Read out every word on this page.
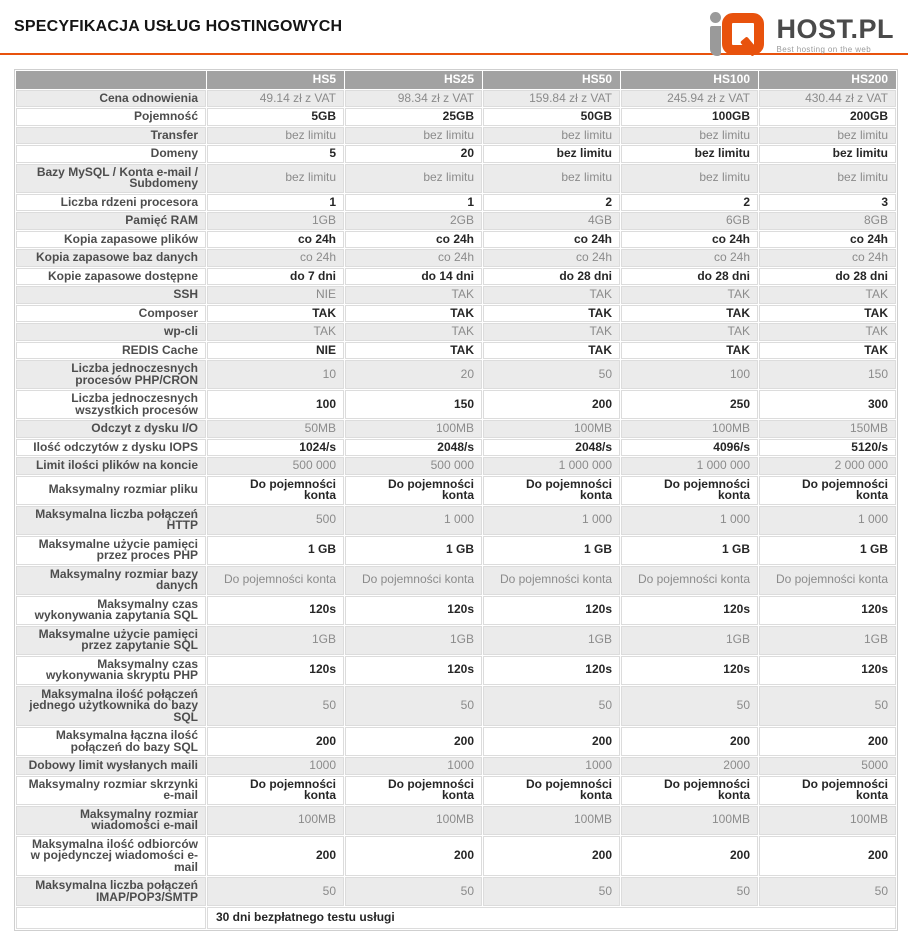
SPECYFIKACJA USŁUG HOSTINGOWYCH	HOST.PL
Best hosting on the web
	HS5	HS25	HS50	HS100	HS200
Cena odnowienia	49.14 zł z VAT	98.34 zł z VAT	159.84 zł z VAT	245.94 zł z VAT	430.44 zł z VAT
Pojemność	5GB	25GB	50GB	100GB	200GB
Transfer	bez limitu	bez limitu	bez limitu	bez limitu	bez limitu
Domeny	5	20	bez limitu	bez limitu	bez limitu
Bazy MySQL / Konta e-mail / Subdomeny	bez limitu	bez limitu	bez limitu	bez limitu	bez limitu
Liczba rdzeni procesora	1	1	2	2	3
Pamięć RAM	1GB	2GB	4GB	6GB	8GB
Kopia zapasowe plików	co 24h	co 24h	co 24h	co 24h	co 24h
Kopia zapasowe baz danych	co 24h	co 24h	co 24h	co 24h	co 24h
Kopie zapasowe dostępne	do 7 dni	do 14 dni	do 28 dni	do 28 dni	do 28 dni
SSH	NIE	TAK	TAK	TAK	TAK
Composer	TAK	TAK	TAK	TAK	TAK
wp-cli	TAK	TAK	TAK	TAK	TAK
REDIS Cache	NIE	TAK	TAK	TAK	TAK
Liczba jednoczesnych procesów PHP/CRON	10	20	50	100	150
Liczba jednoczesnych wszystkich procesów	100	150	200	250	300
Odczyt z dysku I/O	50MB	100MB	100MB	100MB	150MB
Ilość odczytów z dysku IOPS	1024/s	2048/s	2048/s	4096/s	5120/s
Limit ilości plików na koncie	500 000	500 000	1 000 000	1 000 000	2 000 000
Maksymalny rozmiar pliku	Do pojemności konta	Do pojemności konta	Do pojemności konta	Do pojemności konta	Do pojemności konta
Maksymalna liczba połączeń HTTP	500	1 000	1 000	1 000	1 000
Maksymalne użycie pamięci przez proces PHP	1 GB	1 GB	1 GB	1 GB	1 GB
Maksymalny rozmiar bazy danych	Do pojemności konta	Do pojemności konta	Do pojemności konta	Do pojemności konta	Do pojemności konta
Maksymalny czas wykonywania zapytania SQL	120s	120s	120s	120s	120s
Maksymalne użycie pamięci przez zapytanie SQL	1GB	1GB	1GB	1GB	1GB
Maksymalny czas wykonywania skryptu PHP	120s	120s	120s	120s	120s
Maksymalna ilość połączeń jednego użytkownika do bazy SQL	50	50	50	50	50
Maksymalna łączna ilość połączeń do bazy SQL	200	200	200	200	200
Dobowy limit wysłanych maili	1000	1000	1000	2000	5000
Maksymalny rozmiar skrzynki e-mail	Do pojemności konta	Do pojemności konta	Do pojemności konta	Do pojemności konta	Do pojemności konta
Maksymalny rozmiar wiadomości e-mail	100MB	100MB	100MB	100MB	100MB
Maksymalna ilość odbiorców w pojedynczej wiadomości e-mail	200	200	200	200	200
Maksymalna liczba połączeń IMAP/POP3/SMTP	50	50	50	50	50
	30 dni bezpłatnego testu usługi				
